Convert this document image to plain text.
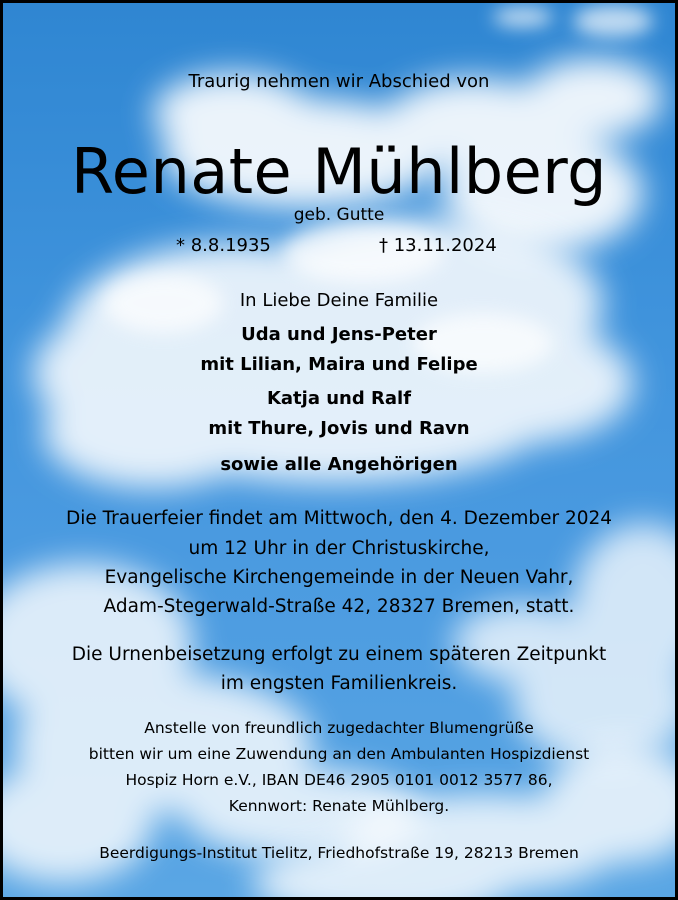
Traurig nehmen wir Abschied von
Renate Mühlberg
geb. Gutte
* 8.8.1935	† 13.11.2024
In Liebe Deine Familie
Uda und Jens-Peter
mit Lilian, Maira und Felipe
Katja und Ralf
mit Thure, Jovis und Ravn
sowie alle Angehörigen
Die Trauerfeier findet am Mittwoch, den 4. Dezember 2024
um 12 Uhr in der Christuskirche,
Evangelische Kirchengemeinde in der Neuen Vahr,
Adam-Stegerwald-Straße 42, 28327 Bremen, statt.
Die Urnenbeisetzung erfolgt zu einem späteren Zeitpunkt
im engsten Familienkreis.
Anstelle von freundlich zugedachter Blumengrüße
bitten wir um eine Zuwendung an den Ambulanten Hospizdienst
Hospiz Horn e.V., IBAN DE46 2905 0101 0012 3577 86,
Kennwort: Renate Mühlberg.
Beerdigungs-Institut Tielitz, Friedhofstraße 19, 28213 Bremen
